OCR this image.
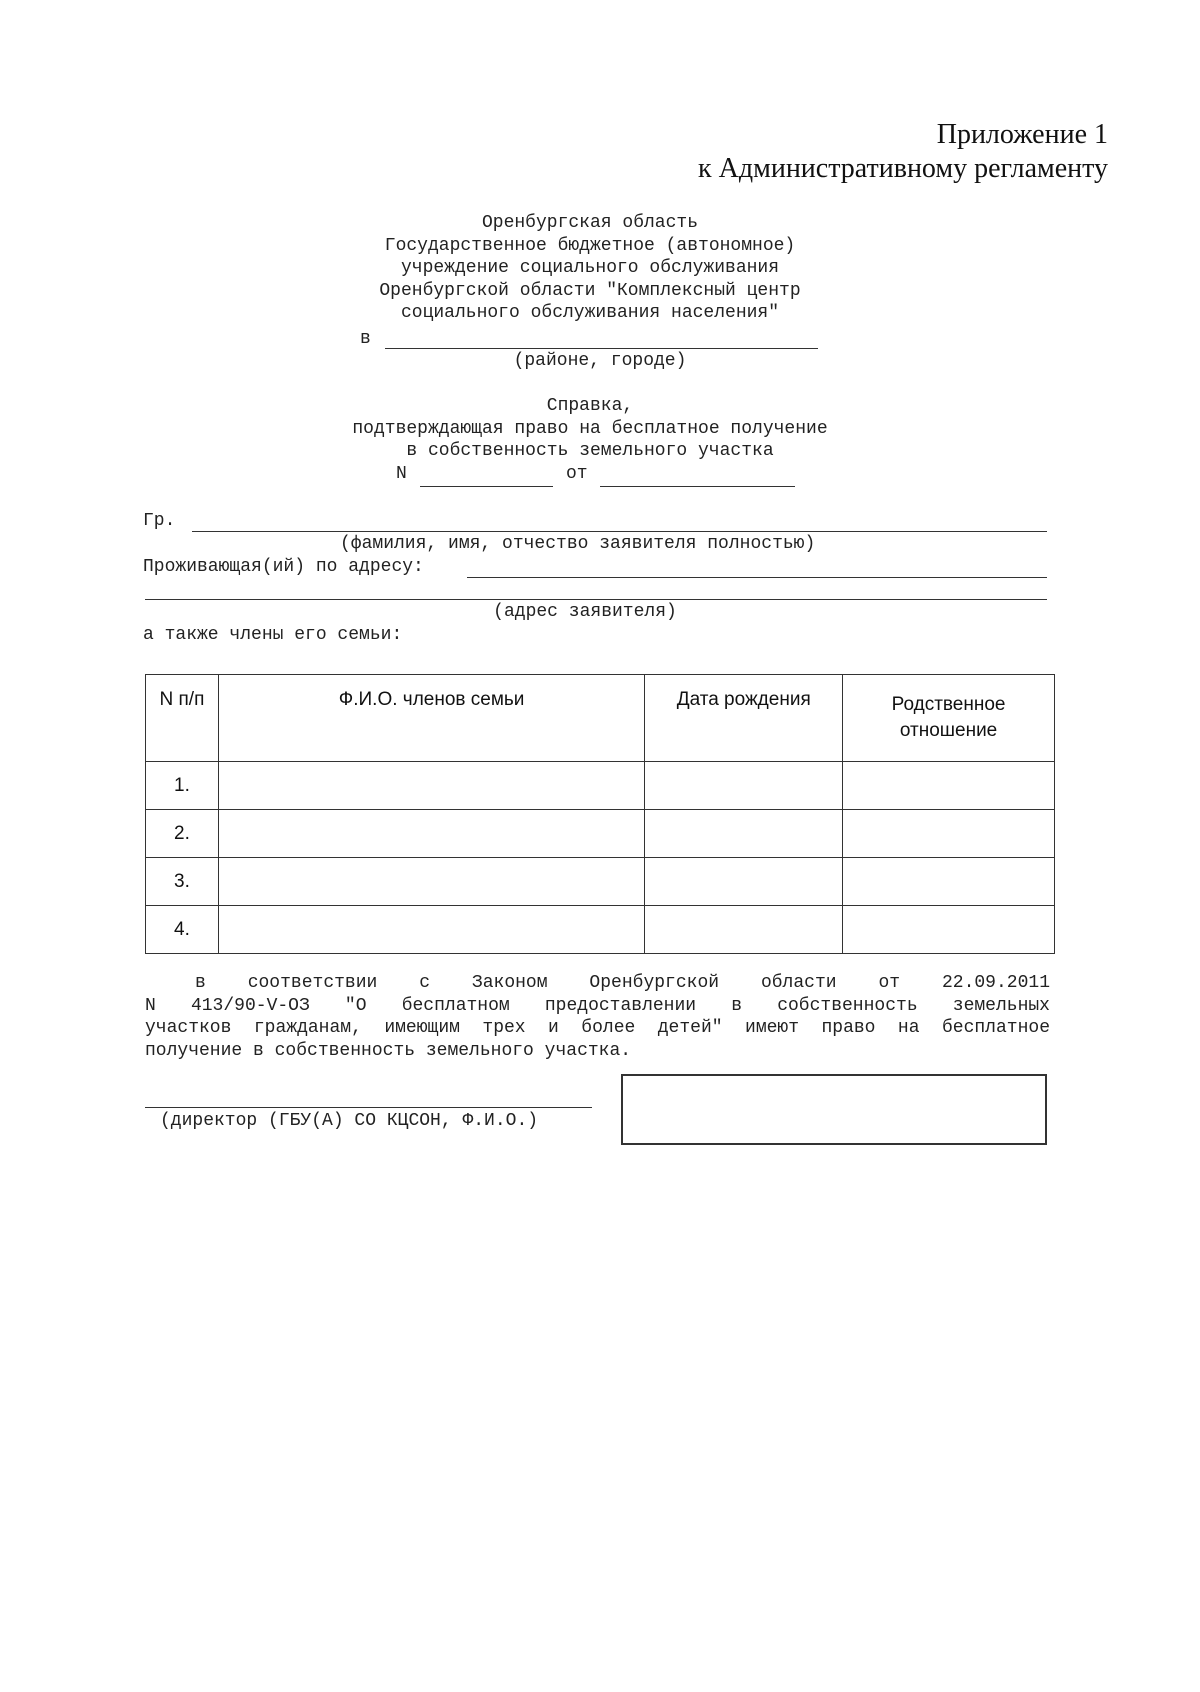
Приложение 1
к Административному регламенту
Оренбургская область
Государственное бюджетное (автономное)
учреждение социального обслуживания
Оренбургской области "Комплексный центр
социального обслуживания населения"
в
(районе, городе)
Справка,
подтверждающая право на бесплатное получение
в собственность земельного участка
N	от
Гр.
(фамилия, имя, отчество заявителя полностью)
Проживающая(ий) по адресу:
(адрес заявителя)
а также члены его семьи:
N п/п	Ф.И.О. членов семьи	Дата рождения	Родственное
отношение

1.			
2.			
3.			
4.			
в соответствии с Законом Оренбургской области от 22.09.2011
N 413/90-V-ОЗ "О бесплатном предоставлении в собственность земельных
участков гражданам, имеющим трех и более детей" имеют право на бесплатное
получение в собственность земельного участка.
(директор (ГБУ(А) СО КЦСОН, Ф.И.О.)
